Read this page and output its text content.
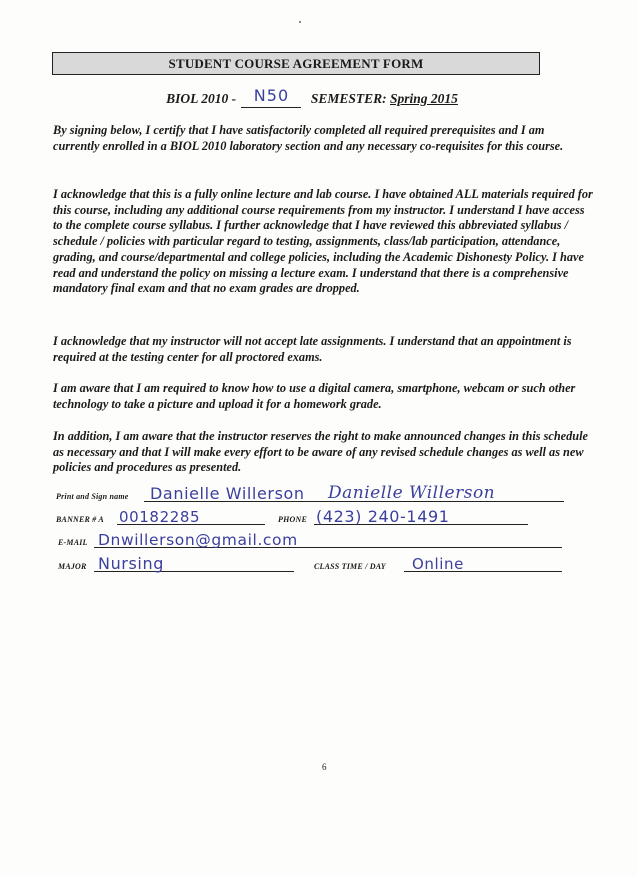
STUDENT COURSE AGREEMENT FORM
BIOL 2010 - N50 SEMESTER: Spring 2015

By signing below, I certify that I have satisfactorily completed all required prerequisites and I am currently enrolled in a BIOL 2010 laboratory section and any necessary co-requisites for this course.

I acknowledge that this is a fully online lecture and lab course. I have obtained ALL materials required for this course, including any additional course requirements from my instructor. I understand I have access to the complete course syllabus. I further acknowledge that I have reviewed this abbreviated syllabus / schedule / policies with particular regard to testing, assignments, class/lab participation, attendance, grading, and course/departmental and college policies, including the Academic Dishonesty Policy. I have read and understand the policy on missing a lecture exam. I understand that there is a comprehensive mandatory final exam and that no exam grades are dropped.

I acknowledge that my instructor will not accept late assignments. I understand that an appointment is required at the testing center for all proctored exams.

I am aware that I am required to know how to use a digital camera, smartphone, webcam or such other technology to take a picture and upload it for a homework grade.

In addition, I am aware that the instructor reserves the right to make announced changes in this schedule as necessary and that I will make every effort to be aware of any revised schedule changes as well as new policies and procedures as presented.

Print and Sign name Danielle Willerson Danielle Willerson
BANNER # A 00182285	PHONE (423) 240-1491
E-MAIL Dnwillerson@gmail.com
MAJOR Nursing	CLASS TIME / DAY Online
6
